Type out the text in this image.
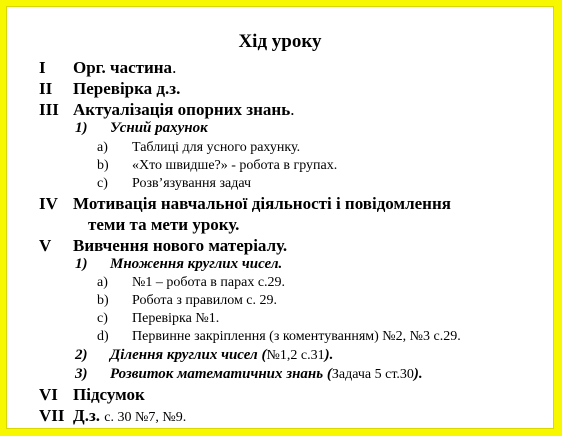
Хід уроку
I Орг. частина.
II Перевірка д.з.
III Актуалізація опорних знань.
1) Усний рахунок
a) Таблиці для усного рахунку.
b) «Хто швидше?» - робота в групах.
c) Розв’язування задач
IV Мотивація навчальної діяльності і повідомлення
теми та мети уроку.
V Вивчення нового матеріалу.
1) Множення круглих чисел.
a) №1 – робота в парах с.29.
b) Робота з правилом с. 29.
c) Перевірка №1.
d) Первинне закріплення (з коментуванням) №2, №3 с.29.
2) Ділення круглих чисел (№1,2 с.31).
3) Розвиток математичних знань (Задача 5 ст.30).
VI Підсумок
VII Д.з. с. 30 №7, №9.
